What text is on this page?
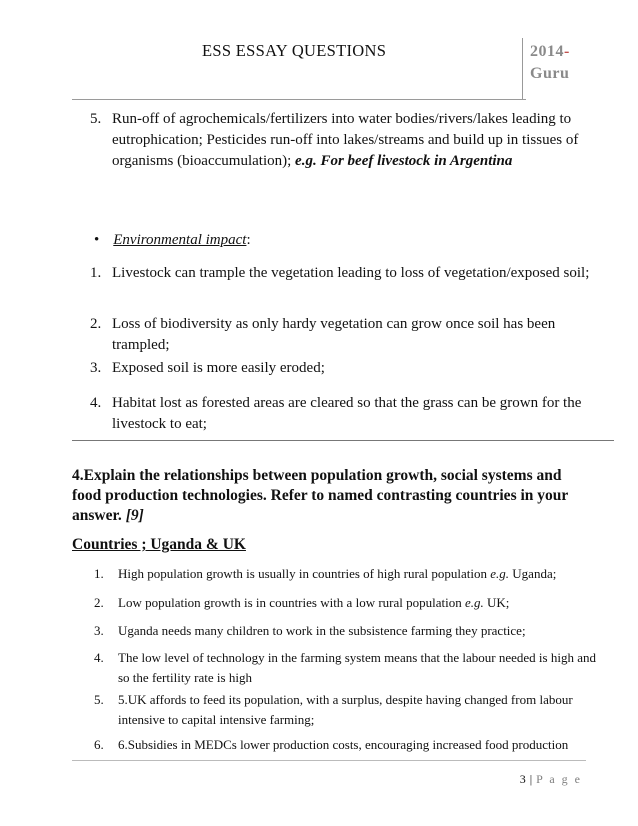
ESS ESSAY QUESTIONS	2014-
Guru
5. Run-off of agrochemicals/fertilizers into water bodies/rivers/lakes leading to eutrophication; Pesticides run-off into lakes/streams and build up in tissues of organisms (bioaccumulation); e.g. For beef livestock in Argentina
• Environmental impact:
1. Livestock can trample the vegetation leading to loss of vegetation/exposed soil;
2. Loss of biodiversity as only hardy vegetation can grow once soil has been trampled;
3. Exposed soil is more easily eroded;
4. Habitat lost as forested areas are cleared so that the grass can be grown for the livestock to eat;
4.Explain the relationships between population growth, social systems and food production technologies. Refer to named contrasting countries in your answer. [9]
Countries ; Uganda & UK
1. High population growth is usually in countries of high rural population e.g. Uganda;
2. Low population growth is in countries with a low rural population e.g. UK;
3. Uganda needs many children to work in the subsistence farming they practice;
4. The low level of technology in the farming system means that the labour needed is high and so the fertility rate is high
5. 5.UK affords to feed its population, with a surplus, despite having changed from labour intensive to capital intensive farming;
6. 6.Subsidies in MEDCs lower production costs, encouraging increased food production
3 | P a g e
